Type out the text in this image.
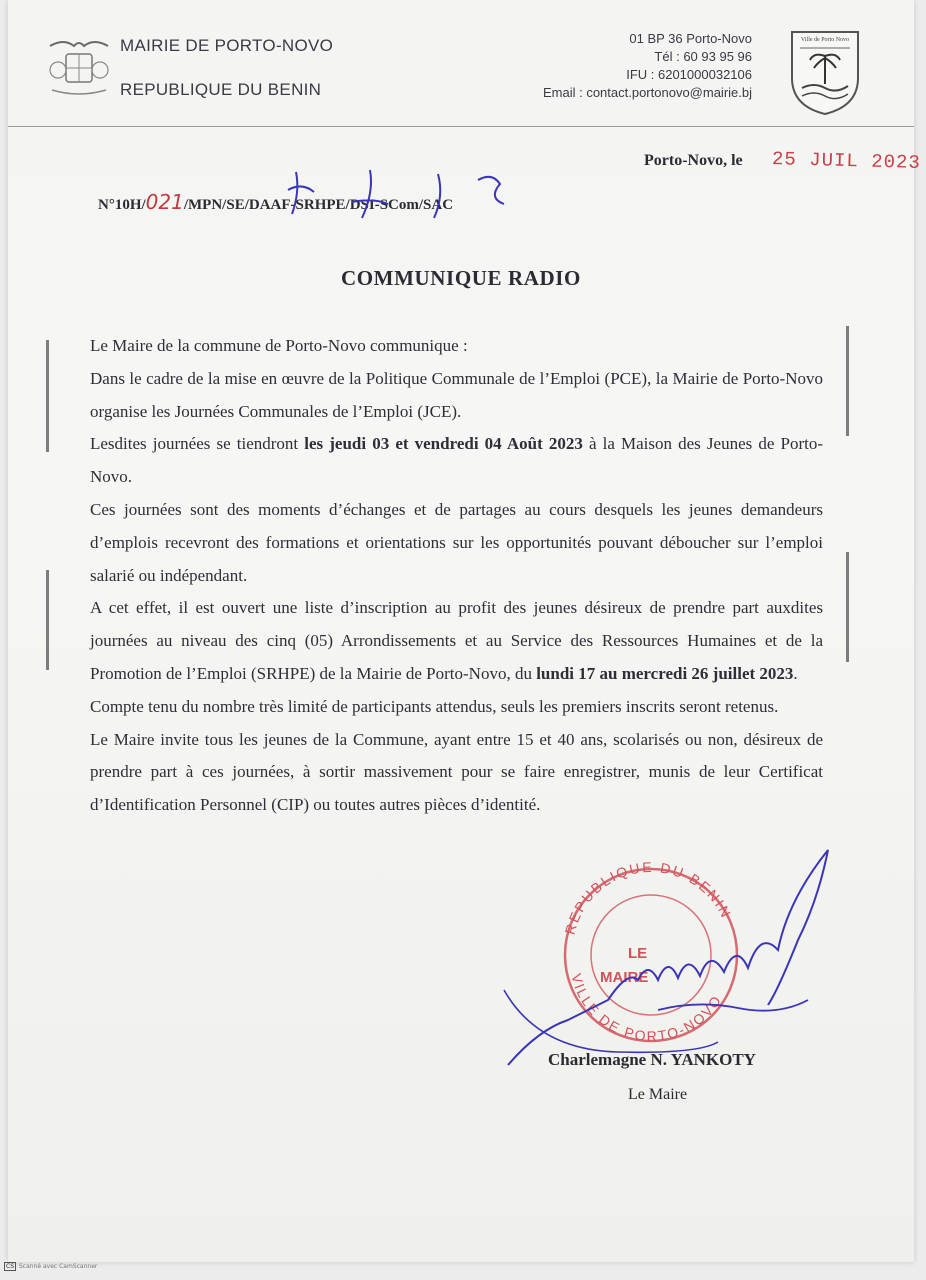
MAIRIE DE PORTO-NOVO
REPUBLIQUE DU BENIN
01 BP 36 Porto-Novo
Tél : 60 93 95 96
IFU : 6201000032106
Email : contact.portonovo@mairie.bj
Ville de Porto Novo
Porto-Novo, le 25 JUIL 2023
N°10H/021/MPN/SE/DAAF-SRHPE/DSI-SCom/SAC
COMMUNIQUE RADIO

Le Maire de la commune de Porto-Novo communique :

Dans le cadre de la mise en œuvre de la Politique Communale de l’Emploi (PCE), la Mairie de Porto-Novo organise les Journées Communales de l’Emploi (JCE).

Lesdites journées se tiendront les jeudi 03 et vendredi 04 Août 2023 à la Maison des Jeunes de Porto-Novo.

Ces journées sont des moments d’échanges et de partages au cours desquels les jeunes demandeurs d’emplois recevront des formations et orientations sur les opportunités pouvant déboucher sur l’emploi salarié ou indépendant.

A cet effet, il est ouvert une liste d’inscription au profit des jeunes désireux de prendre part auxdites journées au niveau des cinq (05) Arrondissements et au Service des Ressources Humaines et de la Promotion de l’Emploi (SRHPE) de la Mairie de Porto-Novo, du lundi 17 au mercredi 26 juillet 2023.

Compte tenu du nombre très limité de participants attendus, seuls les premiers inscrits seront retenus.

Le Maire invite tous les jeunes de la Commune, ayant entre 15 et 40 ans, scolarisés ou non, désireux de prendre part à ces journées, à sortir massivement pour se faire enregistrer, munis de leur Certificat d’Identification Personnel (CIP) ou toutes autres pièces d’identité.

REPUBLIQUE DU BENIN
VILLE DE PORTO-NOVO
LE
MAIRE
Charlemagne N. YANKOTY
Le Maire
CS Scanné avec CamScanner
